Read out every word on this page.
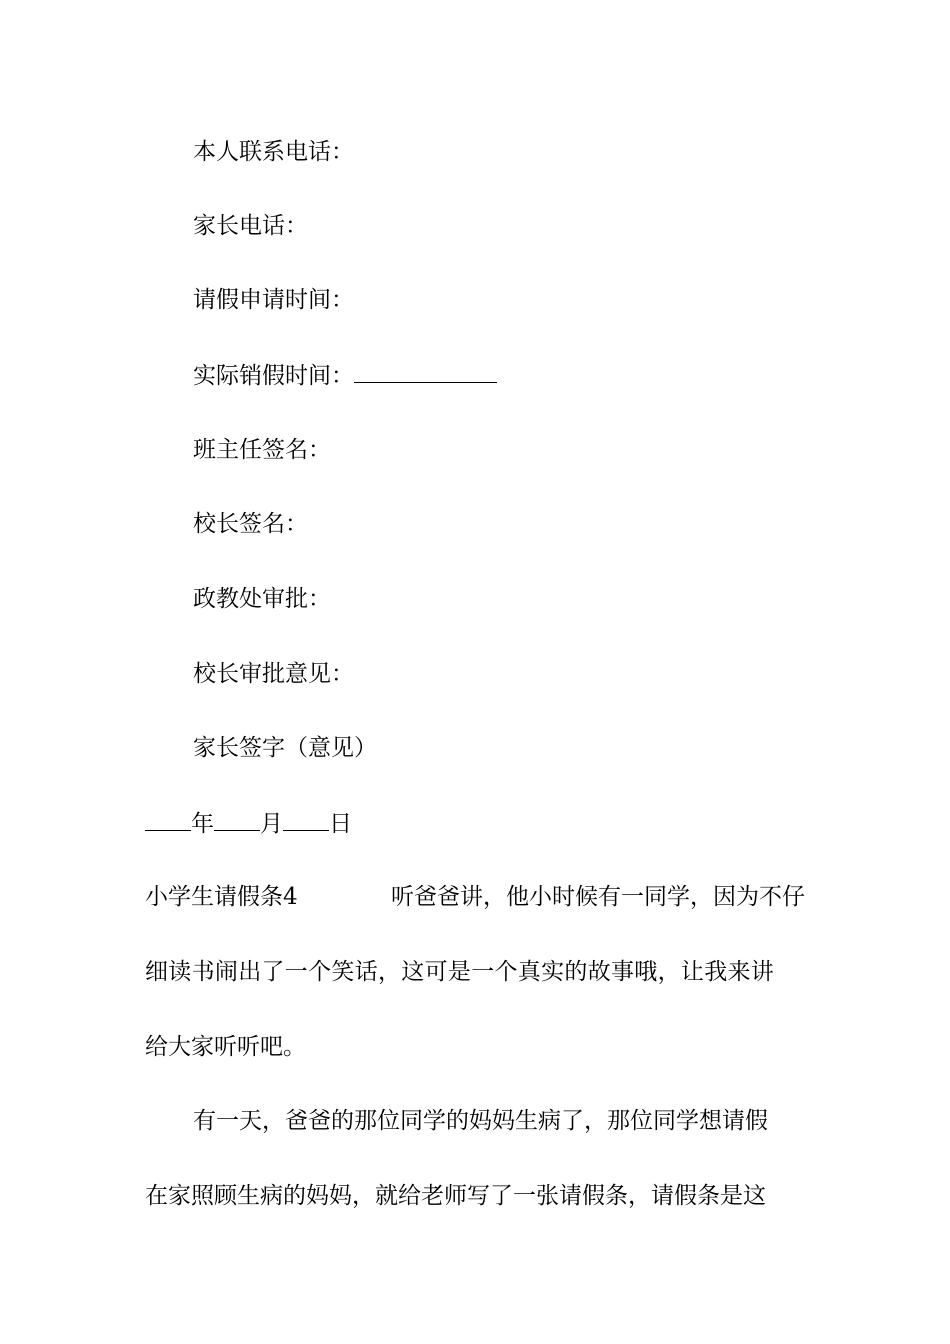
本人联系电话：
家长电话：
请假申请时间：
实际销假时间：
班主任签名：
校长签名：
政教处审批：
校长审批意见：
家长签字（意见）
年 月 日
小学生请假条4	听爸爸讲，他小时候有一同学，因为不仔
细读书闹出了一个笑话，这可是一个真实的故事哦，让我来讲
给大家听听吧。
有一天，爸爸的那位同学的妈妈生病了，那位同学想请假
在家照顾生病的妈妈，就给老师写了一张请假条，请假条是这
